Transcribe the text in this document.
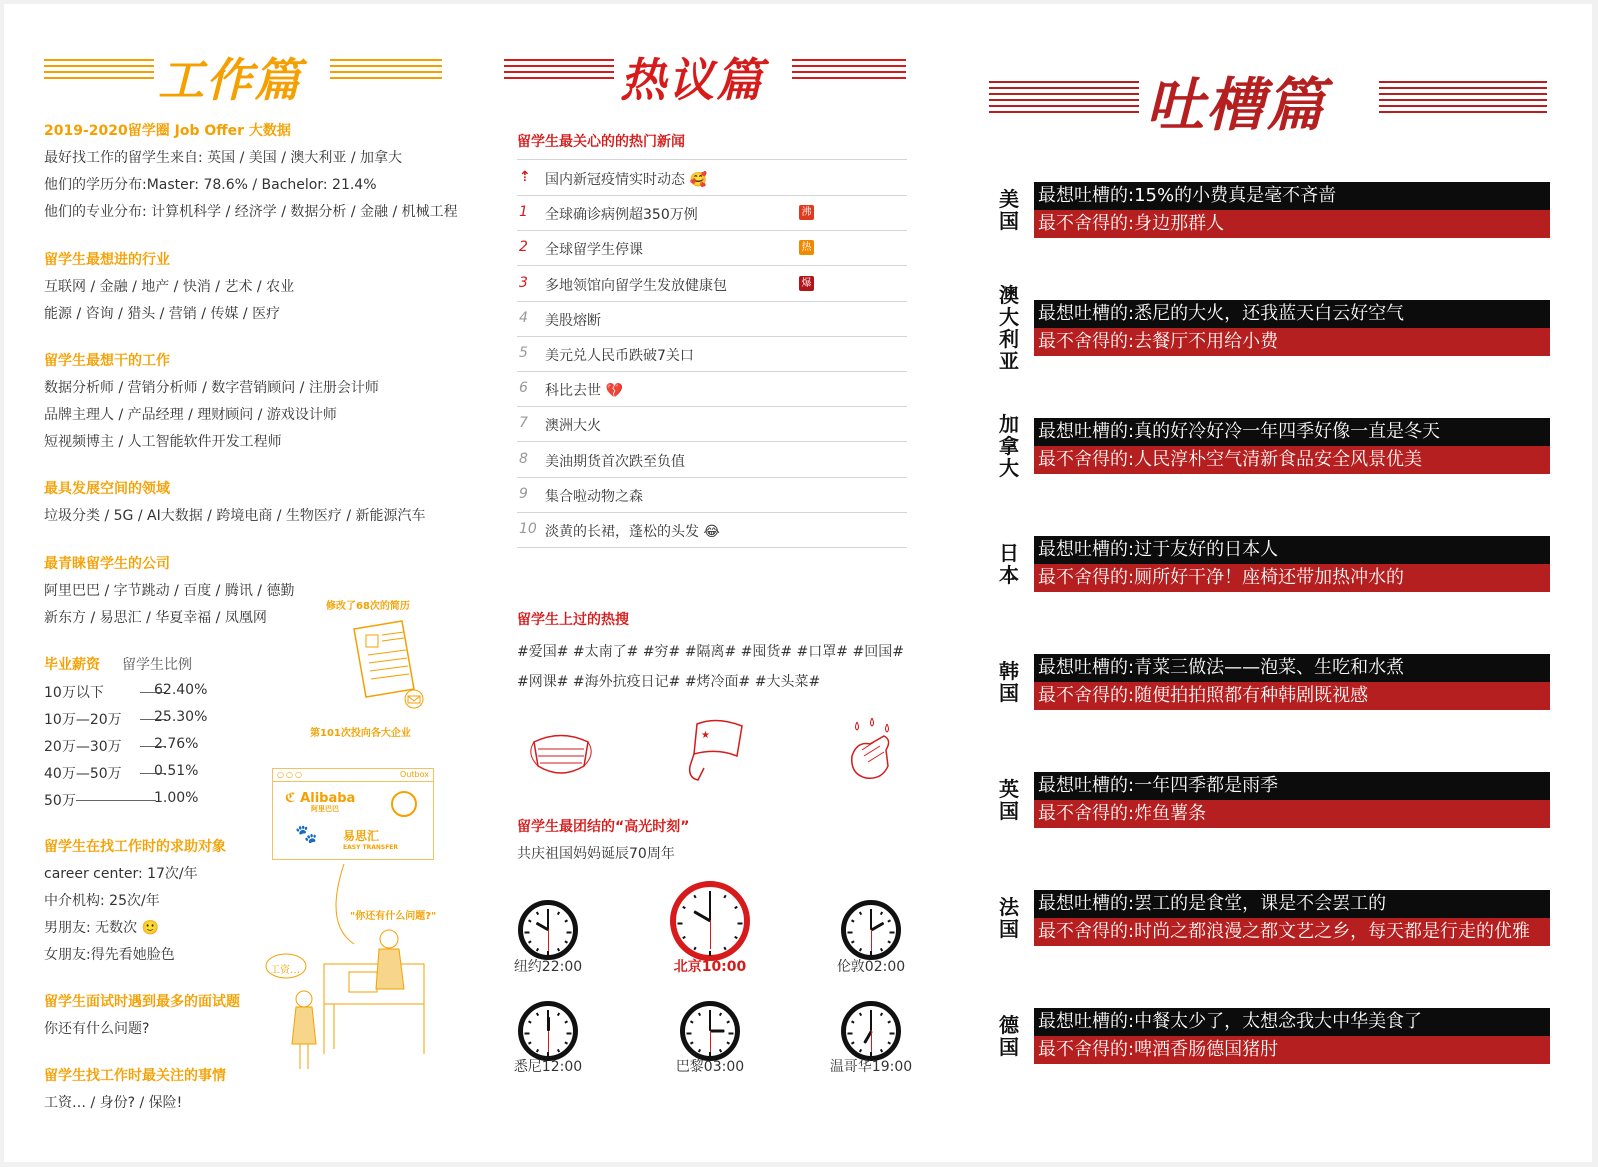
工作篇
2019-2020留学圈 Job Offer 大数据
最好找工作的留学生来自: 英国 / 美国 / 澳大利亚 / 加拿大
他们的学历分布:Master: 78.6% / Bachelor: 21.4%
他们的专业分布: 计算机科学 / 经济学 / 数据分析 / 金融 / 机械工程
留学生最想进的行业
互联网 / 金融 / 地产 / 快消 / 艺术 / 农业
能源 / 咨询 / 猎头 / 营销 / 传媒 / 医疗
留学生最想干的工作
数据分析师 / 营销分析师 / 数字营销顾问 / 注册会计师
品牌主理人 / 产品经理 / 理财顾问 / 游戏设计师
短视频博主 / 人工智能软件开发工程师
最具发展空间的领域
垃圾分类 / 5G / AI大数据 / 跨境电商 / 生物医疗 / 新能源汽车
最青睐留学生的公司
阿里巴巴 / 字节跳动 / 百度 / 腾讯 / 德勤
新东方 / 易思汇 / 华夏幸福 / 凤凰网
毕业薪资 留学生比例
留学生在找工作时的求助对象
career center: 17次/年
中介机构: 25次/年
男朋友: 无数次 🙂
女朋友:得先看她脸色
留学生面试时遇到最多的面试题
你还有什么问题?
留学生找工作时最关注的事情
工资… / 身份? / 保险!
修改了68次的简历
第101次投向各大企业
○○○	Outbox
ℭ Alibaba
阿里巴巴
🐾 易思汇
EASY TRANSFER
"你还有什么问题?"
工资…
热议篇
留学生最关心的的热门新闻
留学生上过的热搜
#爱国# #太南了# #穷# #隔离# #囤货# #口罩# #回国#
#网课# #海外抗疫日记# #烤冷面# #大头菜#
★
留学生最团结的“高光时刻”
共庆祖国妈妈诞辰70周年
吐槽篇
10万以下	62.40%
10万—20万 25.30%
20万—30万 2.76%
40万—50万 0.51%
50万	1.00%
⇡	国内新冠疫情实时动态 🥰
1	全球确诊病例超350万例	沸
2	全球留学生停课	热
3	多地领馆向留学生发放健康包	爆
4	美股熔断
5	美元兑人民币跌破7关口
6	科比去世 💔
7	澳洲大火
8	美油期货首次跌至负值
9	集合啦动物之森
10 淡黄的长裙，蓬松的头发 😂
纽约22:00	北京10:00	伦敦02:00
悉尼12:00	巴黎03:00	温哥华19:00
美国
最想吐槽的:15%的小费真是毫不吝啬
最不舍得的:身边那群人
澳大利亚
最想吐槽的:悉尼的大火，还我蓝天白云好空气
最不舍得的:去餐厅不用给小费
加拿大
最想吐槽的:真的好冷好冷一年四季好像一直是冬天
最不舍得的:人民淳朴空气清新食品安全风景优美
日本
最想吐槽的:过于友好的日本人
最不舍得的:厕所好干净！座椅还带加热冲水的
韩国
最想吐槽的:青菜三做法——泡菜、生吃和水煮
最不舍得的:随便拍拍照都有种韩剧既视感
英国
最想吐槽的:一年四季都是雨季
最不舍得的:炸鱼薯条
法国
最想吐槽的:罢工的是食堂，课是不会罢工的
最不舍得的:时尚之都浪漫之都文艺之乡，每天都是行走的优雅
德国
最想吐槽的:中餐太少了，太想念我大中华美食了
最不舍得的:啤酒香肠德国猪肘
